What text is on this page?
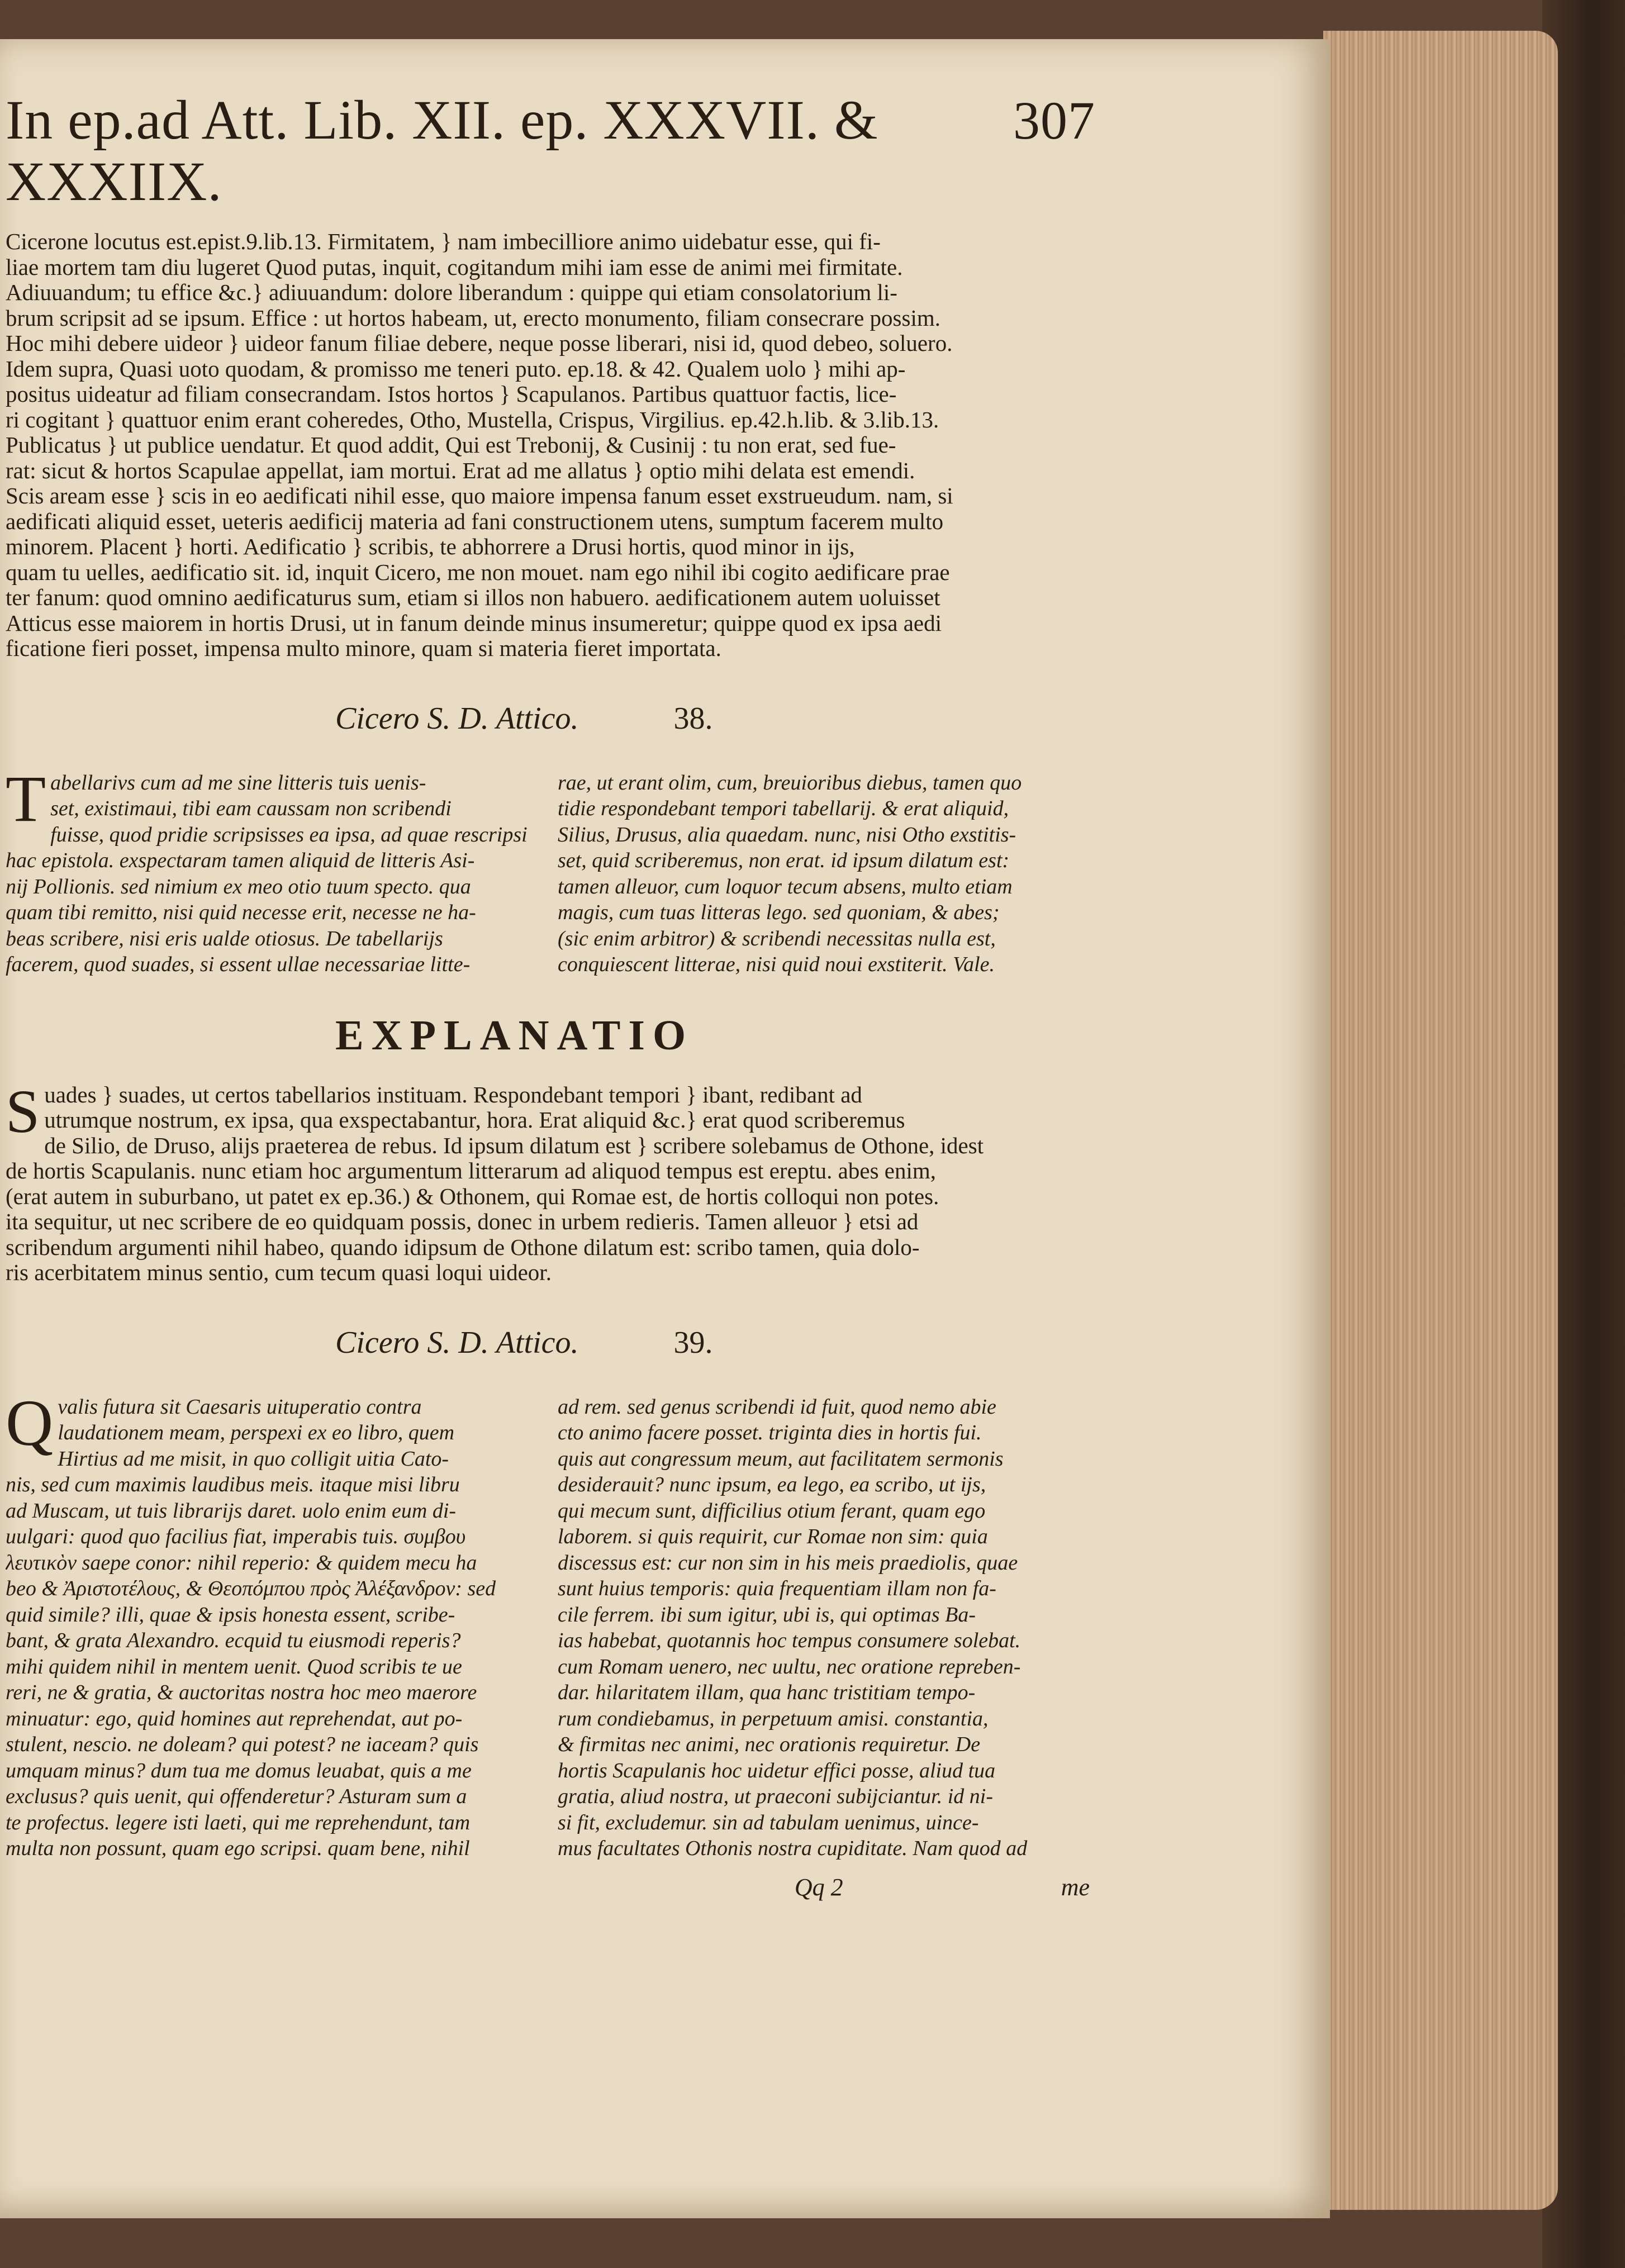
In ep.ad Att. Lib. XII. ep. XXXVII. & XXXIIX.
307
Cicerone locutus est.epist.9.lib.13. Firmitatem, } nam imbecilliore animo uidebatur esse, qui fi-
liae mortem tam diu lugeret Quod putas, inquit, cogitandum mihi iam esse de animi mei firmitate.
Adiuuandum; tu effice &c.} adiuuandum: dolore liberandum : quippe qui etiam consolatorium li-
brum scripsit ad se ipsum. Effice : ut hortos habeam, ut, erecto monumento, filiam consecrare possim.
Hoc mihi debere uideor } uideor fanum filiae debere, neque posse liberari, nisi id, quod debeo, soluero.
Idem supra, Quasi uoto quodam, & promisso me teneri puto. ep.18. & 42. Qualem uolo } mihi ap-
positus uideatur ad filiam consecrandam. Istos hortos } Scapulanos. Partibus quattuor factis, lice-
ri cogitant } quattuor enim erant coheredes, Otho, Mustella, Crispus, Virgilius. ep.42.h.lib. & 3.lib.13.
Publicatus } ut publice uendatur. Et quod addit, Qui est Trebonij, & Cusinij : tu non erat, sed fue-
rat: sicut & hortos Scapulae appellat, iam mortui. Erat ad me allatus } optio mihi delata est emendi.
Scis aream esse } scis in eo aedificati nihil esse, quo maiore impensa fanum esset exstrueudum. nam, si
aedificati aliquid esset, ueteris aedificij materia ad fani constructionem utens, sumptum facerem multo
minorem. Placent } horti. Aedificatio } scribis, te abhorrere a Drusi hortis, quod minor in ijs,
quam tu uelles, aedificatio sit. id, inquit Cicero, me non mouet. nam ego nihil ibi cogito aedificare prae
ter fanum: quod omnino aedificaturus sum, etiam si illos non habuero. aedificationem autem uoluisset
Atticus esse maiorem in hortis Drusi, ut in fanum deinde minus insumeretur; quippe quod ex ipsa aedi
ficatione fieri posset, impensa multo minore, quam si materia fieret importata.
Cicero S. D. Attico.	38.
T abellarivs cum ad me sine litteris tuis uenis-
set, existimaui, tibi eam caussam non scribendi
fuisse, quod pridie scripsisses ea ipsa, ad quae rescripsi
hac epistola. exspectaram tamen aliquid de litteris Asi-
nij Pollionis. sed nimium ex meo otio tuum specto. qua
quam tibi remitto, nisi quid necesse erit, necesse ne ha-
beas scribere, nisi eris ualde otiosus. De tabellarijs
facerem, quod suades, si essent ullae necessariae litte-
rae, ut erant olim, cum, breuioribus diebus, tamen quo
tidie respondebant tempori tabellarij. & erat aliquid,
Silius, Drusus, alia quaedam. nunc, nisi Otho exstitis-
set, quid scriberemus, non erat. id ipsum dilatum est:
tamen alleuor, cum loquor tecum absens, multo etiam
magis, cum tuas litteras lego. sed quoniam, & abes;
(sic enim arbitror) & scribendi necessitas nulla est,
conquiescent litterae, nisi quid noui exstiterit. Vale.
EXPLANATIO
S uades } suades, ut certos tabellarios instituam. Respondebant tempori } ibant, redibant ad
utrumque nostrum, ex ipsa, qua exspectabantur, hora. Erat aliquid &c.} erat quod scriberemus
de Silio, de Druso, alijs praeterea de rebus. Id ipsum dilatum est } scribere solebamus de Othone, idest
de hortis Scapulanis. nunc etiam hoc argumentum litterarum ad aliquod tempus est ereptu. abes enim,
(erat autem in suburbano, ut patet ex ep.36.) & Othonem, qui Romae est, de hortis colloqui non potes.
ita sequitur, ut nec scribere de eo quidquam possis, donec in urbem redieris. Tamen alleuor } etsi ad
scribendum argumenti nihil habeo, quando idipsum de Othone dilatum est: scribo tamen, quia dolo-
ris acerbitatem minus sentio, cum tecum quasi loqui uideor.
Cicero S. D. Attico.	39.
Q valis futura sit Caesaris uituperatio contra
laudationem meam, perspexi ex eo libro, quem
Hirtius ad me misit, in quo colligit uitia Cato-
nis, sed cum maximis laudibus meis. itaque misi libru
ad Muscam, ut tuis librarijs daret. uolo enim eum di-
uulgari: quod quo facilius fiat, imperabis tuis. συμβου
λευτικὸν saepe conor: nihil reperio: & quidem mecu ha
beo & Ἀριστοτέλους, & Θεοπόμπου πρὸς Ἀλέξανδρον: sed
quid simile? illi, quae & ipsis honesta essent, scribe-
bant, & grata Alexandro. ecquid tu eiusmodi reperis?
mihi quidem nihil in mentem uenit. Quod scribis te ue
reri, ne & gratia, & auctoritas nostra hoc meo maerore
minuatur: ego, quid homines aut reprehendat, aut po-
stulent, nescio. ne doleam? qui potest? ne iaceam? quis
umquam minus? dum tua me domus leuabat, quis a me
exclusus? quis uenit, qui offenderetur? Asturam sum a
te profectus. legere isti laeti, qui me reprehendunt, tam
multa non possunt, quam ego scripsi. quam bene, nihil
ad rem. sed genus scribendi id fuit, quod nemo abie
cto animo facere posset. triginta dies in hortis fui.
quis aut congressum meum, aut facilitatem sermonis
desiderauit? nunc ipsum, ea lego, ea scribo, ut ijs,
qui mecum sunt, difficilius otium ferant, quam ego
laborem. si quis requirit, cur Romae non sim: quia
discessus est: cur non sim in his meis praediolis, quae
sunt huius temporis: quia frequentiam illam non fa-
cile ferrem. ibi sum igitur, ubi is, qui optimas Ba-
ias habebat, quotannis hoc tempus consumere solebat.
cum Romam uenero, nec uultu, nec oratione repreben-
dar. hilaritatem illam, qua hanc tristitiam tempo-
rum condiebamus, in perpetuum amisi. constantia,
& firmitas nec animi, nec orationis requiretur. De
hortis Scapulanis hoc uidetur effici posse, aliud tua
gratia, aliud nostra, ut praeconi subijciantur. id ni-
si fit, excludemur. sin ad tabulam uenimus, uince-
mus facultates Othonis nostra cupiditate. Nam quod ad
Qq 2	me
